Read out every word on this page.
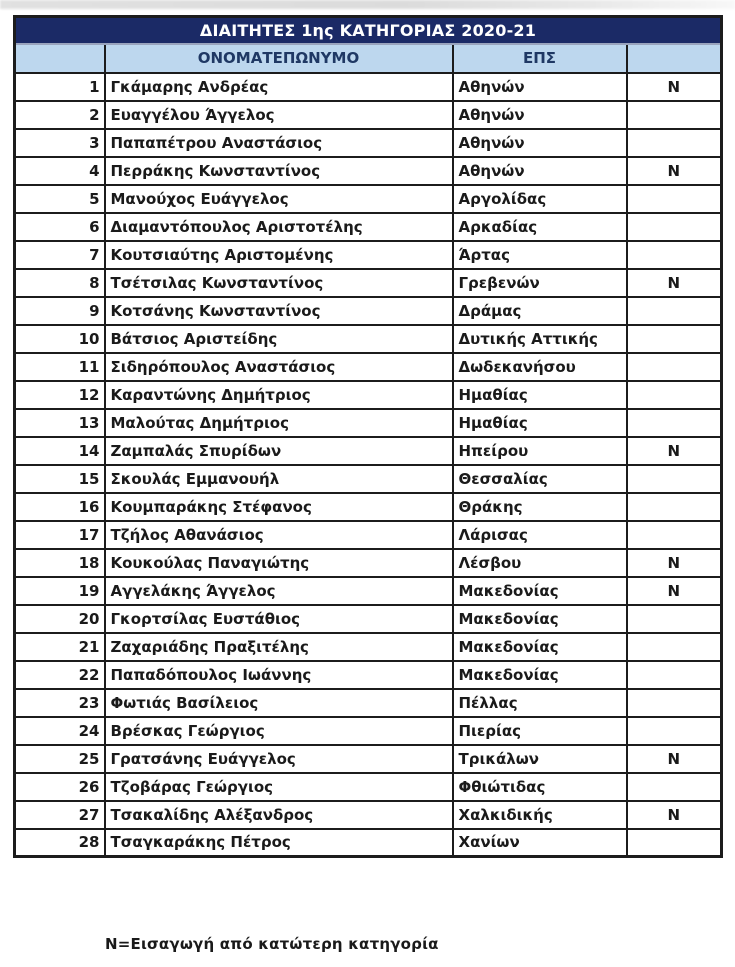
ΔΙΑΙΤΗΤΕΣ 1ης ΚΑΤΗΓΟΡΙΑΣ 2020-21			
	ΟΝΟΜΑΤΕΠΩΝΥΜΟ	ΕΠΣ	
1	Γκάμαρης Ανδρέας	Αθηνών	Ν
2	Ευαγγέλου Άγγελος	Αθηνών	
3	Παπαπέτρου Αναστάσιος	Αθηνών	
4	Περράκης Κωνσταντίνος	Αθηνών	Ν
5	Μανούχος Ευάγγελος	Αργολίδας	
6	Διαμαντόπουλος Αριστοτέλης	Αρκαδίας	
7	Κουτσιαύτης Αριστομένης	Άρτας	
8	Τσέτσιλας Κωνσταντίνος	Γρεβενών	Ν
9	Κοτσάνης Κωνσταντίνος	Δράμας	
10	Βάτσιος Αριστείδης	Δυτικής Αττικής	
11	Σιδηρόπουλος Αναστάσιος	Δωδεκανήσου	
12	Καραντώνης Δημήτριος	Ημαθίας	
13	Μαλούτας Δημήτριος	Ημαθίας	
14	Ζαμπαλάς Σπυρίδων	Ηπείρου	Ν
15	Σκουλάς Εμμανουήλ	Θεσσαλίας	
16	Κουμπαράκης Στέφανος	Θράκης	
17	Τζήλος Αθανάσιος	Λάρισας	
18	Κουκούλας Παναγιώτης	Λέσβου	Ν
19	Αγγελάκης Άγγελος	Μακεδονίας	Ν
20	Γκορτσίλας Ευστάθιος	Μακεδονίας	
21	Ζαχαριάδης Πραξιτέλης	Μακεδονίας	
22	Παπαδόπουλος Ιωάννης	Μακεδονίας	
23	Φωτιάς Βασίλειος	Πέλλας	
24	Βρέσκας Γεώργιος	Πιερίας	
25	Γρατσάνης Ευάγγελος	Τρικάλων	Ν
26	Τζοβάρας Γεώργιος	Φθιώτιδας	
27	Τσακαλίδης Αλέξανδρος	Χαλκιδικής	Ν
28	Τσαγκαράκης Πέτρος	Χανίων	
Ν=Εισαγωγή από κατώτερη κατηγορία
